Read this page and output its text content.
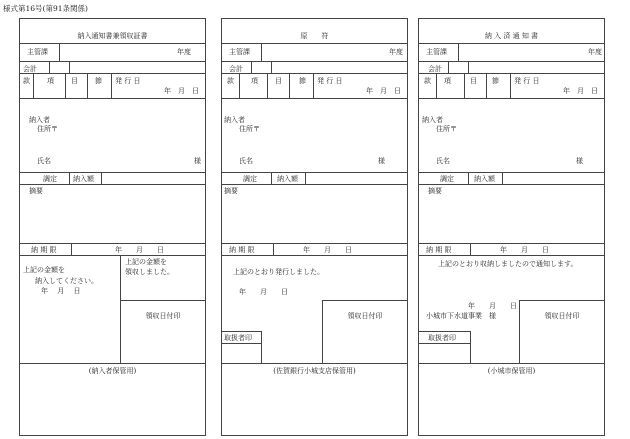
様式第16号(第91条関係)
納入通知書兼領収証書
主管課	年度
会計
款 項 目 節 発 行 日
年　月　日
納入者
住所〒
氏名	様
調定 納入額
摘要
納 期 限	年　　月　　日
上記の金額を
納入してください。
年　 月　 日
上記の金額を
領収しました。
領収日付印
(納入者保管用)
原　　符
主管課	年度
会計
款 項 目 節 発 行 日
年　月　日
納入者
住所〒
氏名	様
調定	納入額
摘要
納 期 限	年　　月　　日
上記のとおり発行しました。
年　　月　　日
領収日付印
取扱者印
(佐賀銀行小城支店保管用)
納 入 済 通 知 書
主管課	年度
会計
款 項	目 節 発 行 日
年　月　日
納入者
住所〒
氏名	様
調定	納入額
摘要
納 期 限	年　　月　　日
上記のとおり収納しましたので通知します。
年　　月　　日
小城市下水道事業　様	領収日付印
取扱者印
(小城市保管用)
